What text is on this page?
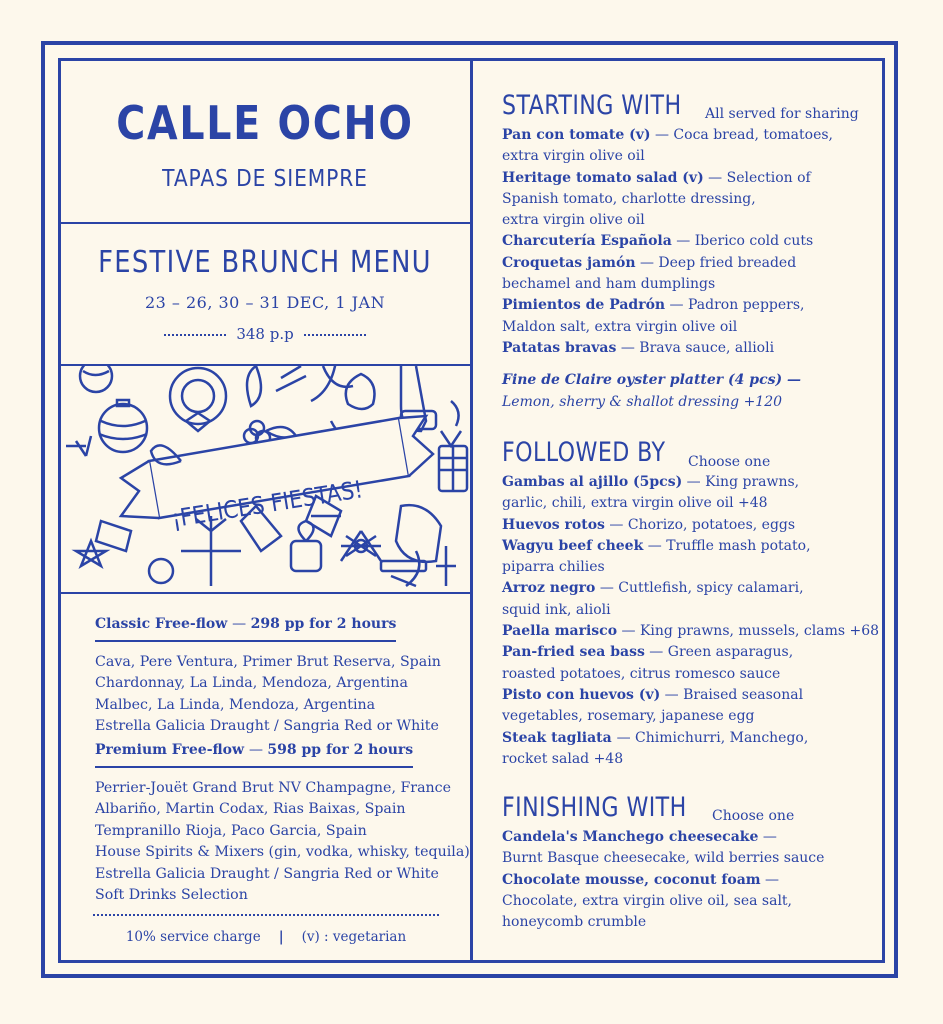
CALLE OCHO
TAPAS DE SIEMPRE
FESTIVE BRUNCH MENU
23 – 26, 30 – 31 DEC, 1 JAN
348 p.p
¡FELICES FIESTAS!
Classic Free-flow — 298 pp for 2 hours
Cava, Pere Ventura, Primer Brut Reserva, Spain
Chardonnay, La Linda, Mendoza, Argentina
Malbec, La Linda, Mendoza, Argentina
Estrella Galicia Draught / Sangria Red or White
Premium Free-flow — 598 pp for 2 hours
Perrier-Jouët Grand Brut NV Champagne, France
Albariño, Martin Codax, Rias Baixas, Spain
Tempranillo Rioja, Paco Garcia, Spain
House Spirits & Mixers (gin, vodka, whisky, tequila)
Estrella Galicia Draught / Sangria Red or White
Soft Drinks Selection
10% service charge | (v) : vegetarian
STARTING WITH All served for sharing
Pan con tomate (v) — Coca bread, tomatoes,
extra virgin olive oil
Heritage tomato salad (v) — Selection of
Spanish tomato, charlotte dressing,
extra virgin olive oil
Charcutería Española — Iberico cold cuts
Croquetas jamón — Deep fried breaded
bechamel and ham dumplings
Pimientos de Padrón — Padron peppers,
Maldon salt, extra virgin olive oil
Patatas bravas — Brava sauce, allioli
Fine de Claire oyster platter (4 pcs) —
Lemon, sherry & shallot dressing +120
FOLLOWED BY Choose one
Gambas al ajillo (5pcs) — King prawns,
garlic, chili, extra virgin olive oil +48
Huevos rotos — Chorizo, potatoes, eggs
Wagyu beef cheek — Truffle mash potato,
piparra chilies
Arroz negro — Cuttlefish, spicy calamari,
squid ink, alioli
Paella marisco — King prawns, mussels, clams +68
Pan-fried sea bass — Green asparagus,
roasted potatoes, citrus romesco sauce
Pisto con huevos (v) — Braised seasonal
vegetables, rosemary, japanese egg
Steak tagliata — Chimichurri, Manchego,
rocket salad +48
FINISHING WITH Choose one
Candela's Manchego cheesecake —
Burnt Basque cheesecake, wild berries sauce
Chocolate mousse, coconut foam —
Chocolate, extra virgin olive oil, sea salt,
honeycomb crumble
